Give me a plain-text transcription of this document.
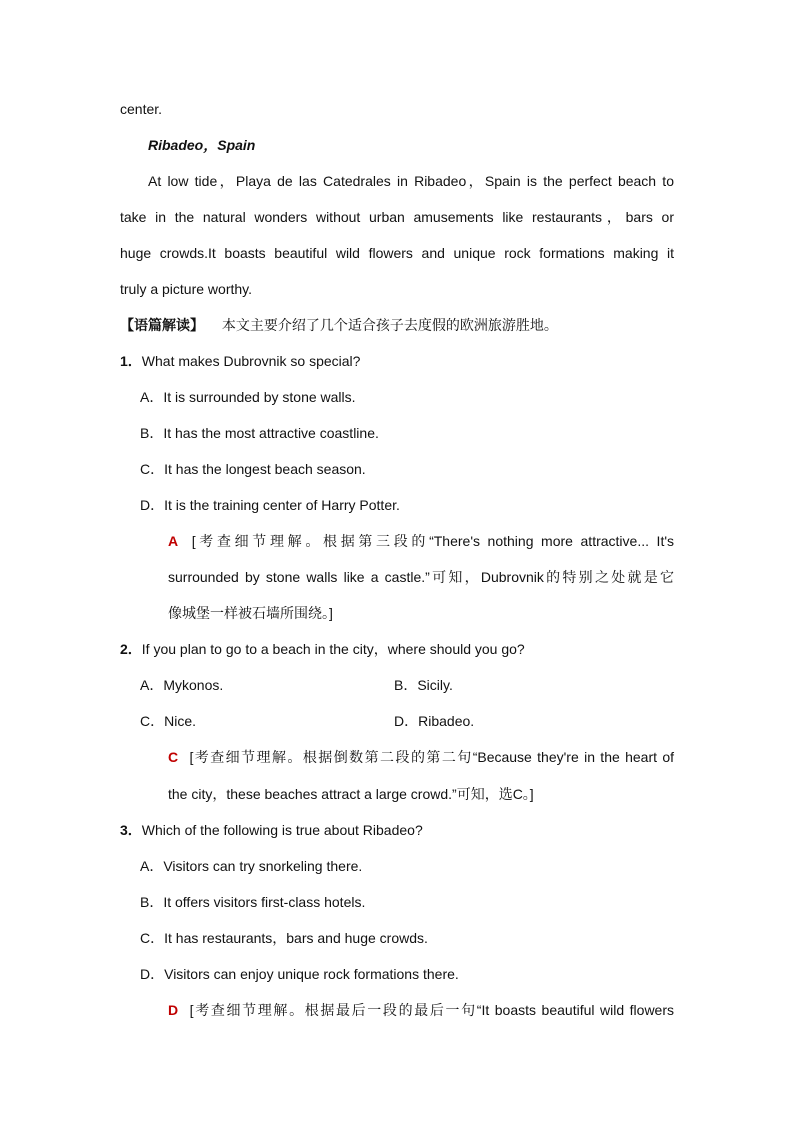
center.
Ribadeo，Spain
At low tide，Playa de las Catedrales in Ribadeo，Spain is the perfect beach to
take in the natural wonders without urban amusements like restaurants，bars or
huge crowds.It boasts beautiful wild flowers and unique rock formations making it
truly a picture worthy.
【语篇解读】 本文主要介绍了几个适合孩子去度假的欧洲旅游胜地。
1．What makes Dubrovnik so special?
A．It is surrounded by stone walls.
B．It has the most attractive coastline.
C．It has the longest beach season.
D．It is the training center of Harry Potter.
A [考查细节理解。根据第三段的“There's nothing more attractive... It's
surrounded by stone walls like a castle.”可知，Dubrovnik的特别之处就是它
像城堡一样被石墙所围绕。]
2．If you plan to go to a beach in the city，where should you go?
A．Mykonos.	B．Sicily.
C．Nice.	D．Ribadeo.
C [考查细节理解。根据倒数第二段的第二句“Because they're in the heart of
the city，these beaches attract a large crowd.”可知，选C。]
3．Which of the following is true about Ribadeo?
A．Visitors can try snorkeling there.
B．It offers visitors first-class hotels.
C．It has restaurants，bars and huge crowds.
D．Visitors can enjoy unique rock formations there.
D [考查细节理解。根据最后一段的最后一句“It boasts beautiful wild flowers
